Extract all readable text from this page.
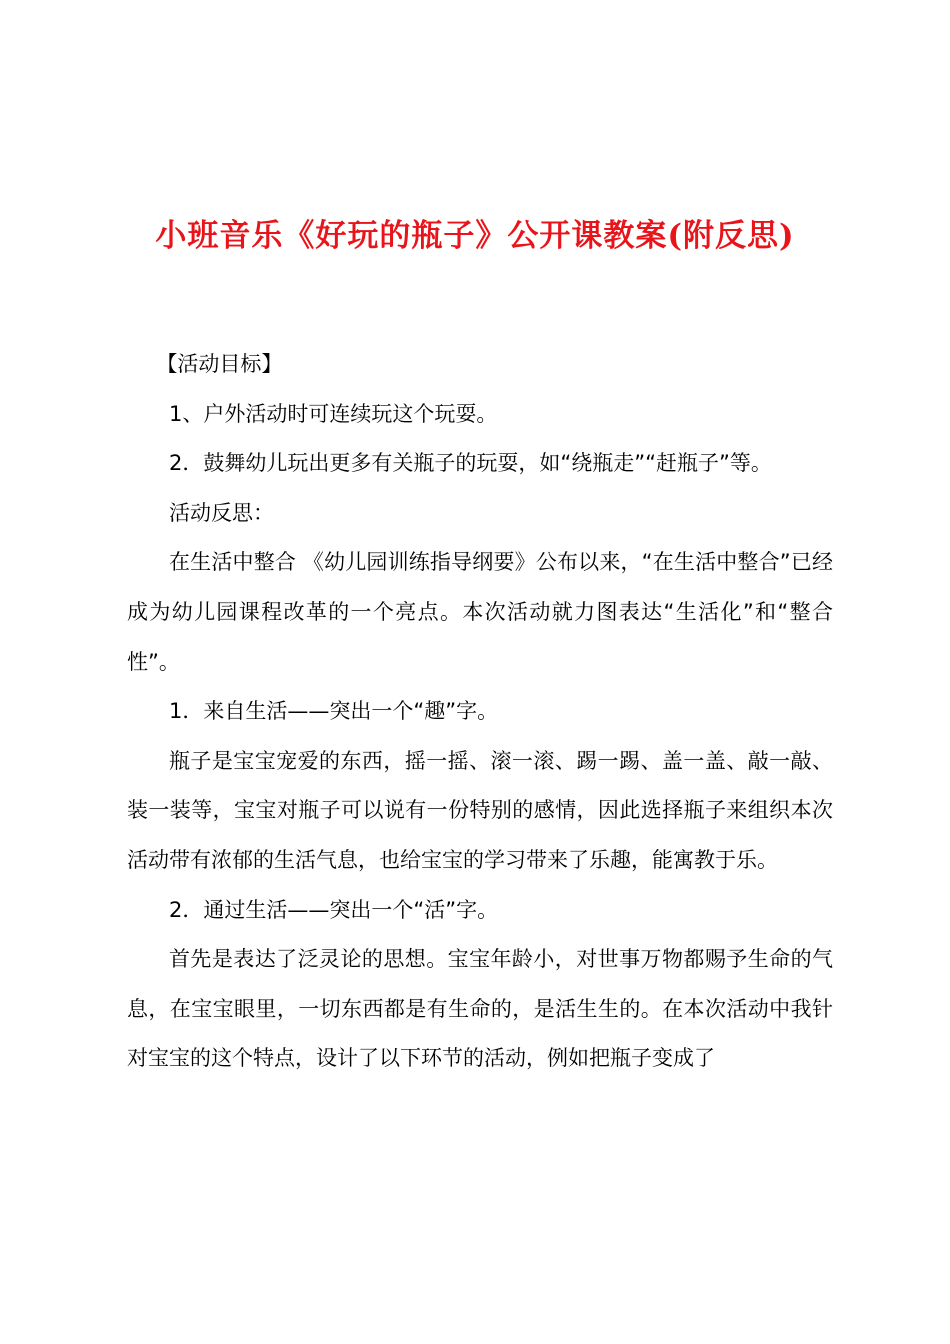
小班音乐《好玩的瓶子》公开课教案(附反思)

【活动目标】

1、户外活动时可连续玩这个玩耍。

2．鼓舞幼儿玩出更多有关瓶子的玩耍，如“绕瓶走”“赶瓶子”等。

活动反思：

在生活中整合 《幼儿园训练指导纲要》公布以来，“在生活中整合”已经成为幼儿园课程改革的一个亮点。本次活动就力图表达“生活化”和“整合性”。

1．来自生活——突出一个“趣”字。

瓶子是宝宝宠爱的东西，摇一摇、滚一滚、踢一踢、盖一盖、敲一敲、装一装等，宝宝对瓶子可以说有一份特别的感情，因此选择瓶子来组织本次活动带有浓郁的生活气息，也给宝宝的学习带来了乐趣，能寓教于乐。

2．通过生活——突出一个“活”字。

首先是表达了泛灵论的思想。宝宝年龄小，对世事万物都赐予生命的气息，在宝宝眼里，一切东西都是有生命的，是活生生的。在本次活动中我针对宝宝的这个特点，设计了以下环节的活动，例如把瓶子变成了
